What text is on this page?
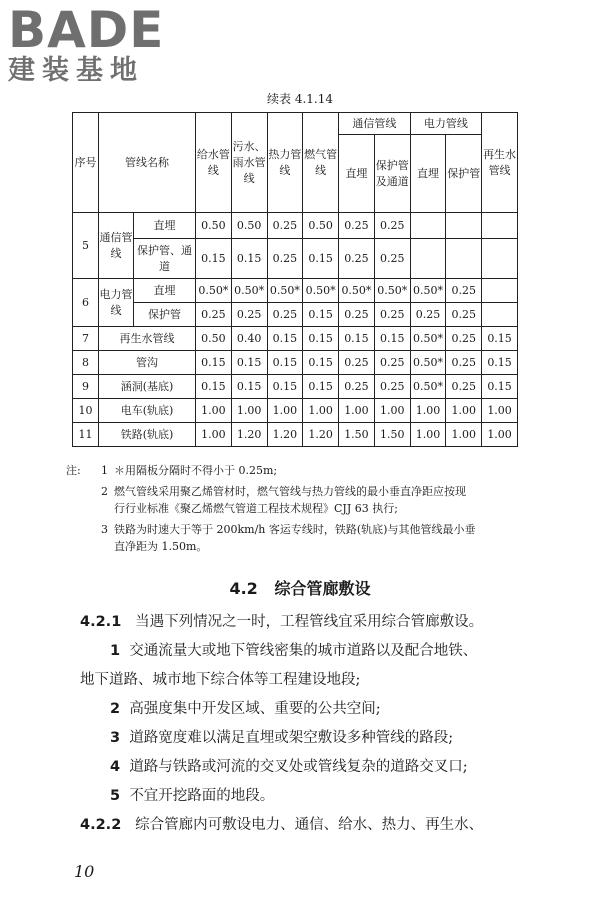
BADE
建装基地
续表 4.1.14
序号	管线名称		给水管线	污水、雨水管线	热力管线	燃气管线	通信管线		电力管线		再生水管线
							直埋	保护管及通道	直埋	保护管	
5	通信管线	直埋	0.50	0.50	0.25	0.50	0.25	0.25			
		保护管、通道	0.15	0.15	0.25	0.15	0.25	0.25			
6	电力管线	直埋	0.50*	0.50*	0.50*	0.50*	0.50*	0.50*	0.50*	0.25	
		保护管	0.25	0.25	0.25	0.15	0.25	0.25	0.25	0.25	
7	再生水管线		0.50	0.40	0.15	0.15	0.15	0.15	0.50*	0.25	0.15
8	管沟		0.15	0.15	0.15	0.15	0.25	0.25	0.50*	0.25	0.15
9	涵洞(基底)		0.15	0.15	0.15	0.15	0.25	0.25	0.50*	0.25	0.15
10	电车(轨底)		1.00	1.00	1.00	1.00	1.00	1.00	1.00	1.00	1.00
11	铁路(轨底)		1.00	1.20	1.20	1.20	1.50	1.50	1.00	1.00	1.00
注:	1 ＊用隔板分隔时不得小于 0.25m;
2 燃气管线采用聚乙烯管材时，燃气管线与热力管线的最小垂直净距应按现
行行业标准《聚乙烯燃气管道工程技术规程》CJJ 63 执行;
3 铁路为时速大于等于 200km/h 客运专线时，铁路(轨底)与其他管线最小垂
直净距为 1.50m。
4.2 综合管廊敷设
4.2.1 当遇下列情况之一时，工程管线宜采用综合管廊敷设。
1 交通流量大或地下管线密集的城市道路以及配合地铁、
地下道路、城市地下综合体等工程建设地段;
2 高强度集中开发区域、重要的公共空间;
3 道路宽度难以满足直埋或架空敷设多种管线的路段;
4 道路与铁路或河流的交叉处或管线复杂的道路交叉口;
5 不宜开挖路面的地段。
4.2.2 综合管廊内可敷设电力、通信、给水、热力、再生水、
10
